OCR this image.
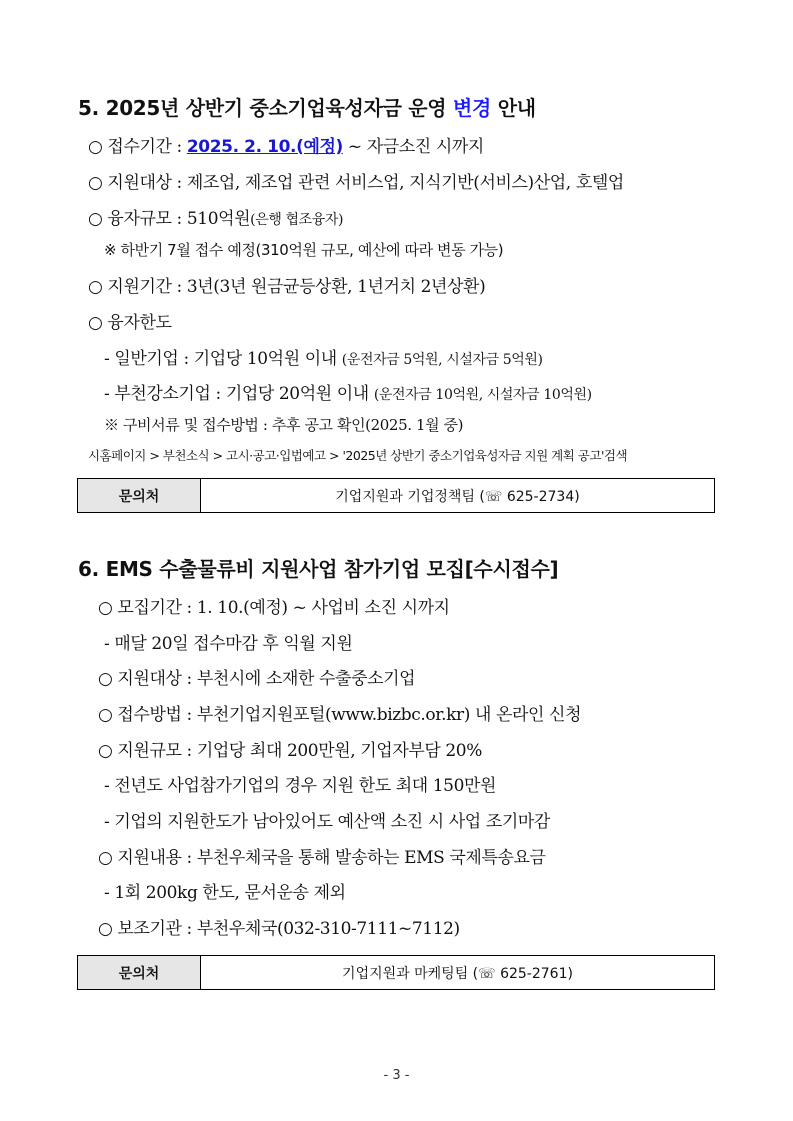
5. 2025년 상반기 중소기업육성자금 운영 변경 안내
○ 접수기간 : 2025. 2. 10.(예정) ~ 자금소진 시까지
○ 지원대상 : 제조업, 제조업 관련 서비스업, 지식기반(서비스)산업, 호텔업
○ 융자규모 : 510억원(은행 협조융자)
※ 하반기 7월 접수 예정(310억원 규모, 예산에 따라 변동 가능)
○ 지원기간 : 3년(3년 원금균등상환, 1년거치 2년상환)
○ 융자한도
- 일반기업 : 기업당 10억원 이내 (운전자금 5억원, 시설자금 5억원)
- 부천강소기업 : 기업당 20억원 이내 (운전자금 10억원, 시설자금 10억원)
※ 구비서류 및 접수방법 : 추후 공고 확인(2025. 1월 중)
시홈페이지 > 부천소식 > 고시·공고·입법예고 > '2025년 상반기 중소기업육성자금 지원 계획 공고'검색
문의처	기업지원과 기업정책팀 (☏ 625-2734)
6. EMS 수출물류비 지원사업 참가기업 모집[수시접수]
○ 모집기간 : 1. 10.(예정) ~ 사업비 소진 시까지
- 매달 20일 접수마감 후 익월 지원
○ 지원대상 : 부천시에 소재한 수출중소기업
○ 접수방법 : 부천기업지원포털(www.bizbc.or.kr) 내 온라인 신청
○ 지원규모 : 기업당 최대 200만원, 기업자부담 20%
- 전년도 사업참가기업의 경우 지원 한도 최대 150만원
- 기업의 지원한도가 남아있어도 예산액 소진 시 사업 조기마감
○ 지원내용 : 부천우체국을 통해 발송하는 EMS 국제특송요금
- 1회 200kg 한도, 문서운송 제외
○ 보조기관 : 부천우체국(032-310-7111~7112)
문의처	기업지원과 마케팅팀 (☏ 625-2761)
- 3 -
